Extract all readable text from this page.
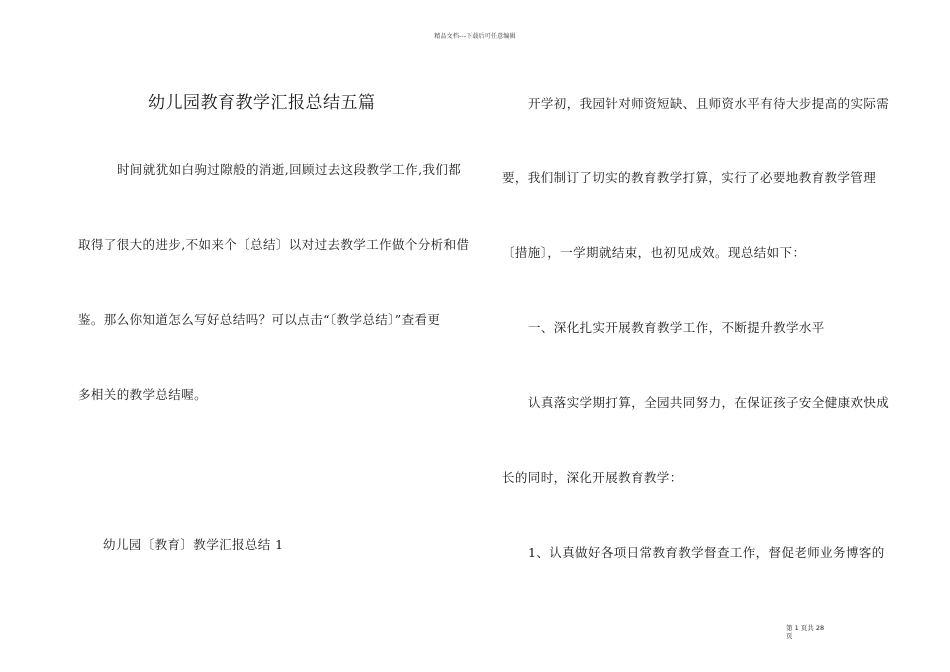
精品文档---下载后可任意编辑
幼儿园教育教学汇报总结五篇
时间就犹如白驹过隙般的消逝,回顾过去这段教学工作,我们都
取得了很大的进步,不如来个〔总结〕以对过去教学工作做个分析和借
鉴。那么你知道怎么写好总结吗？可以点击“〔教学总结〕”查看更
多相关的教学总结喔。
幼儿园〔教育〕教学汇报总结 1
开学初，我园针对师资短缺、且师资水平有待大步提高的实际需
要，我们制订了切实的教育教学打算，实行了必要地教育教学管理
〔措施〕，一学期就结束，也初见成效。现总结如下：
一、深化扎实开展教育教学工作，不断提升教学水平
认真落实学期打算，全园共同努力，在保证孩子安全健康欢快成
长的同时，深化开展教育教学：
1、认真做好各项日常教育教学督查工作，督促老师业务博客的
第 1 页共 28 页
